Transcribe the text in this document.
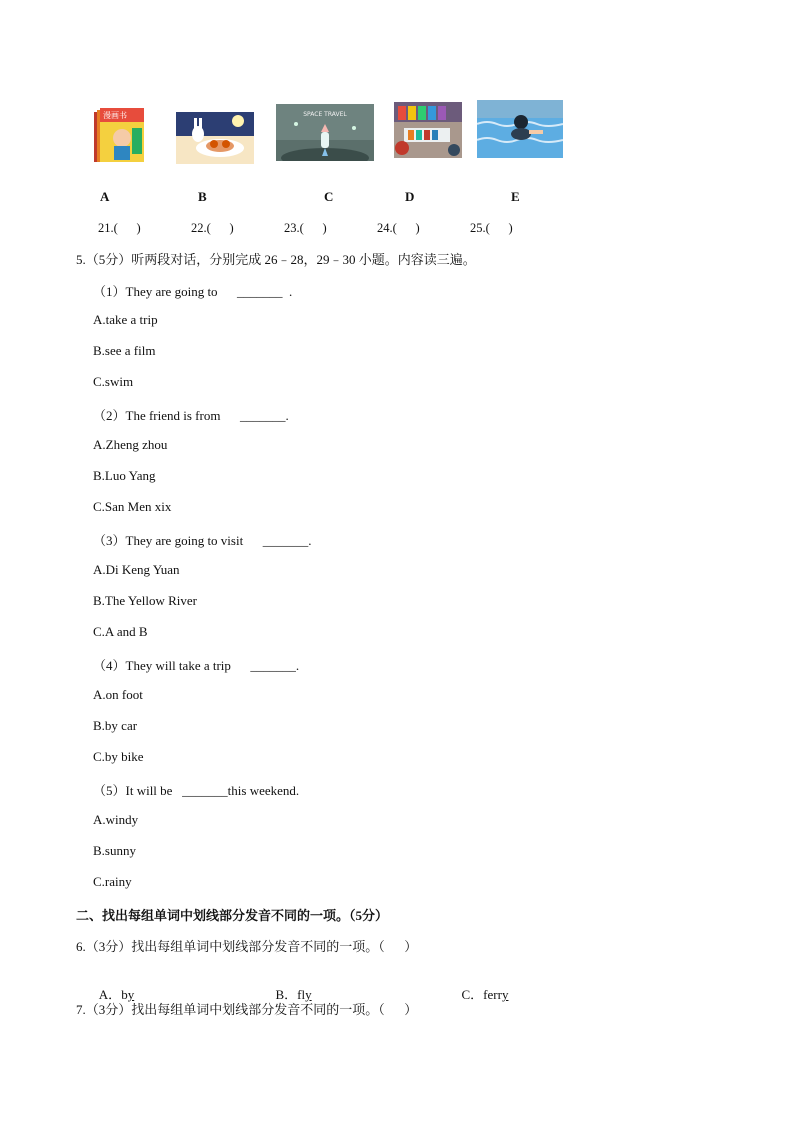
漫画书	SPACE TRAVEL
A	B	C	D	E
21.(      )	22.(      )	23.(      )	24.(      )	25.(      )
5.（5分）听两段对话，分别完成 26﹣28，29﹣30 小题。内容读三遍。
（1）They are going to      _______  .
A.take a trip
B.see a film
C.swim
（2）The friend is from      _______.
A.Zheng zhou
B.Luo Yang
C.San Men xix
（3）They are going to visit      _______.
A.Di Keng Yuan
B.The Yellow River
C.A and B
（4）They will take a trip      _______.
A.on foot
B.by car
C.by bike
（5）It will be   _______this weekend.
A.windy
B.sunny
C.rainy
二、找出每组单词中划线部分发音不同的一项。（5分）
6.（3分）找出每组单词中划线部分发音不同的一项。（      ）

A．by	B．fly	C．ferry

7.（3分）找出每组单词中划线部分发音不同的一项。（      ）
